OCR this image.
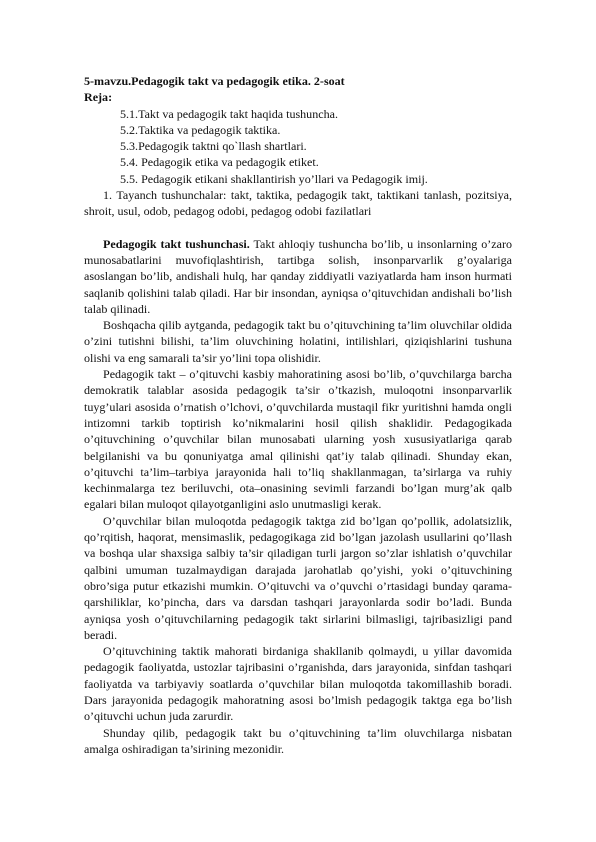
5-mavzu.Pedagogik takt va pedagogik etika. 2-soat

Reja:

5.1.Takt va pedagogik takt haqida tushuncha.
5.2.Taktika va pedagogik taktika.
5.3.Pedagogik taktni qo`llash shartlari.
5.4. Pedagogik etika va pedagogik etiket.
5.5. Pedagogik etikani shakllantirish yo’llari va Pedagogik imij.

1. Tayanch tushunchalar: takt, taktika, pedagogik takt, taktikani tanlash, pozitsiya, shroit, usul, odob, pedagog odobi, pedagog odobi fazilatlari

Pedagogik takt tushunchasi. Takt ahloqiy tushuncha bo’lib, u insonlarning o’zaro munosabatlarini muvofiqlashtirish, tartibga solish, insonparvarlik g’oyalariga asoslangan bo’lib, andishali hulq, har qanday ziddiyatli vaziyatlarda ham inson hurmati saqlanib qolishini talab qiladi. Har bir insondan, ayniqsa o’qituvchidan andishali bo’lish talab qilinadi.

Boshqacha qilib aytganda, pedagogik takt bu o’qituvchining ta’lim oluvchilar oldida o’zini tutishni bilishi, ta’lim oluvchining holatini, intilishlari, qiziqishlarini tushuna olishi va eng samarali ta’sir yo’lini topa olishidir.

Pedagogik takt – o’qituvchi kasbiy mahoratining asosi bo’lib, o’quvchilarga barcha demokratik talablar asosida pedagogik ta’sir o’tkazish, muloqotni insonparvarlik tuyg’ulari asosida o’rnatish o’lchovi, o’quvchilarda mustaqil fikr yuritishni hamda ongli intizomni tarkib toptirish ko’nikmalarini hosil qilish shaklidir. Pedagogikada o’qituvchining o’quvchilar bilan munosabati ularning yosh xususiyatlariga qarab belgilanishi va bu qonuniyatga amal qilinishi qat’iy talab qilinadi. Shunday ekan, o’qituvchi ta’lim–tarbiya jarayonida hali to’liq shakllanmagan, ta’sirlarga va ruhiy kechinmalarga tez beriluvchi, ota–onasining sevimli farzandi bo’lgan murg’ak qalb egalari bilan muloqot qilayotganligini aslo unutmasligi kerak.

O’quvchilar bilan muloqotda pedagogik taktga zid bo’lgan qo’pollik, adolatsizlik, qo’rqitish, haqorat, mensimaslik, pedagogikaga zid bo’lgan jazolash usullarini qo’llash va boshqa ular shaxsiga salbiy ta’sir qiladigan turli jargon so’zlar ishlatish o’quvchilar qalbini umuman tuzalmaydigan darajada jarohatlab qo’yishi, yoki o’qituvchining obro’siga putur etkazishi mumkin. O’qituvchi va o’quvchi o’rtasidagi bunday qarama-qarshiliklar, ko’pincha, dars va darsdan tashqari jarayonlarda sodir bo’ladi. Bunda ayniqsa yosh o’qituvchilarning pedagogik takt sirlarini bilmasligi, tajribasizligi pand beradi.

O’qituvchining taktik mahorati birdaniga shakllanib qolmaydi, u yillar davomida pedagogik faoliyatda, ustozlar tajribasini o’rganishda, dars jarayonida, sinfdan tashqari faoliyatda va tarbiyaviy soatlarda o’quvchilar bilan muloqotda takomillashib boradi. Dars jarayonida pedagogik mahoratning asosi bo’lmish pedagogik taktga ega bo’lish o’qituvchi uchun juda zarurdir.

Shunday qilib, pedagogik takt bu o’qituvchining ta’lim oluvchilarga nisbatan amalga oshiradigan ta’sirining mezonidir.
